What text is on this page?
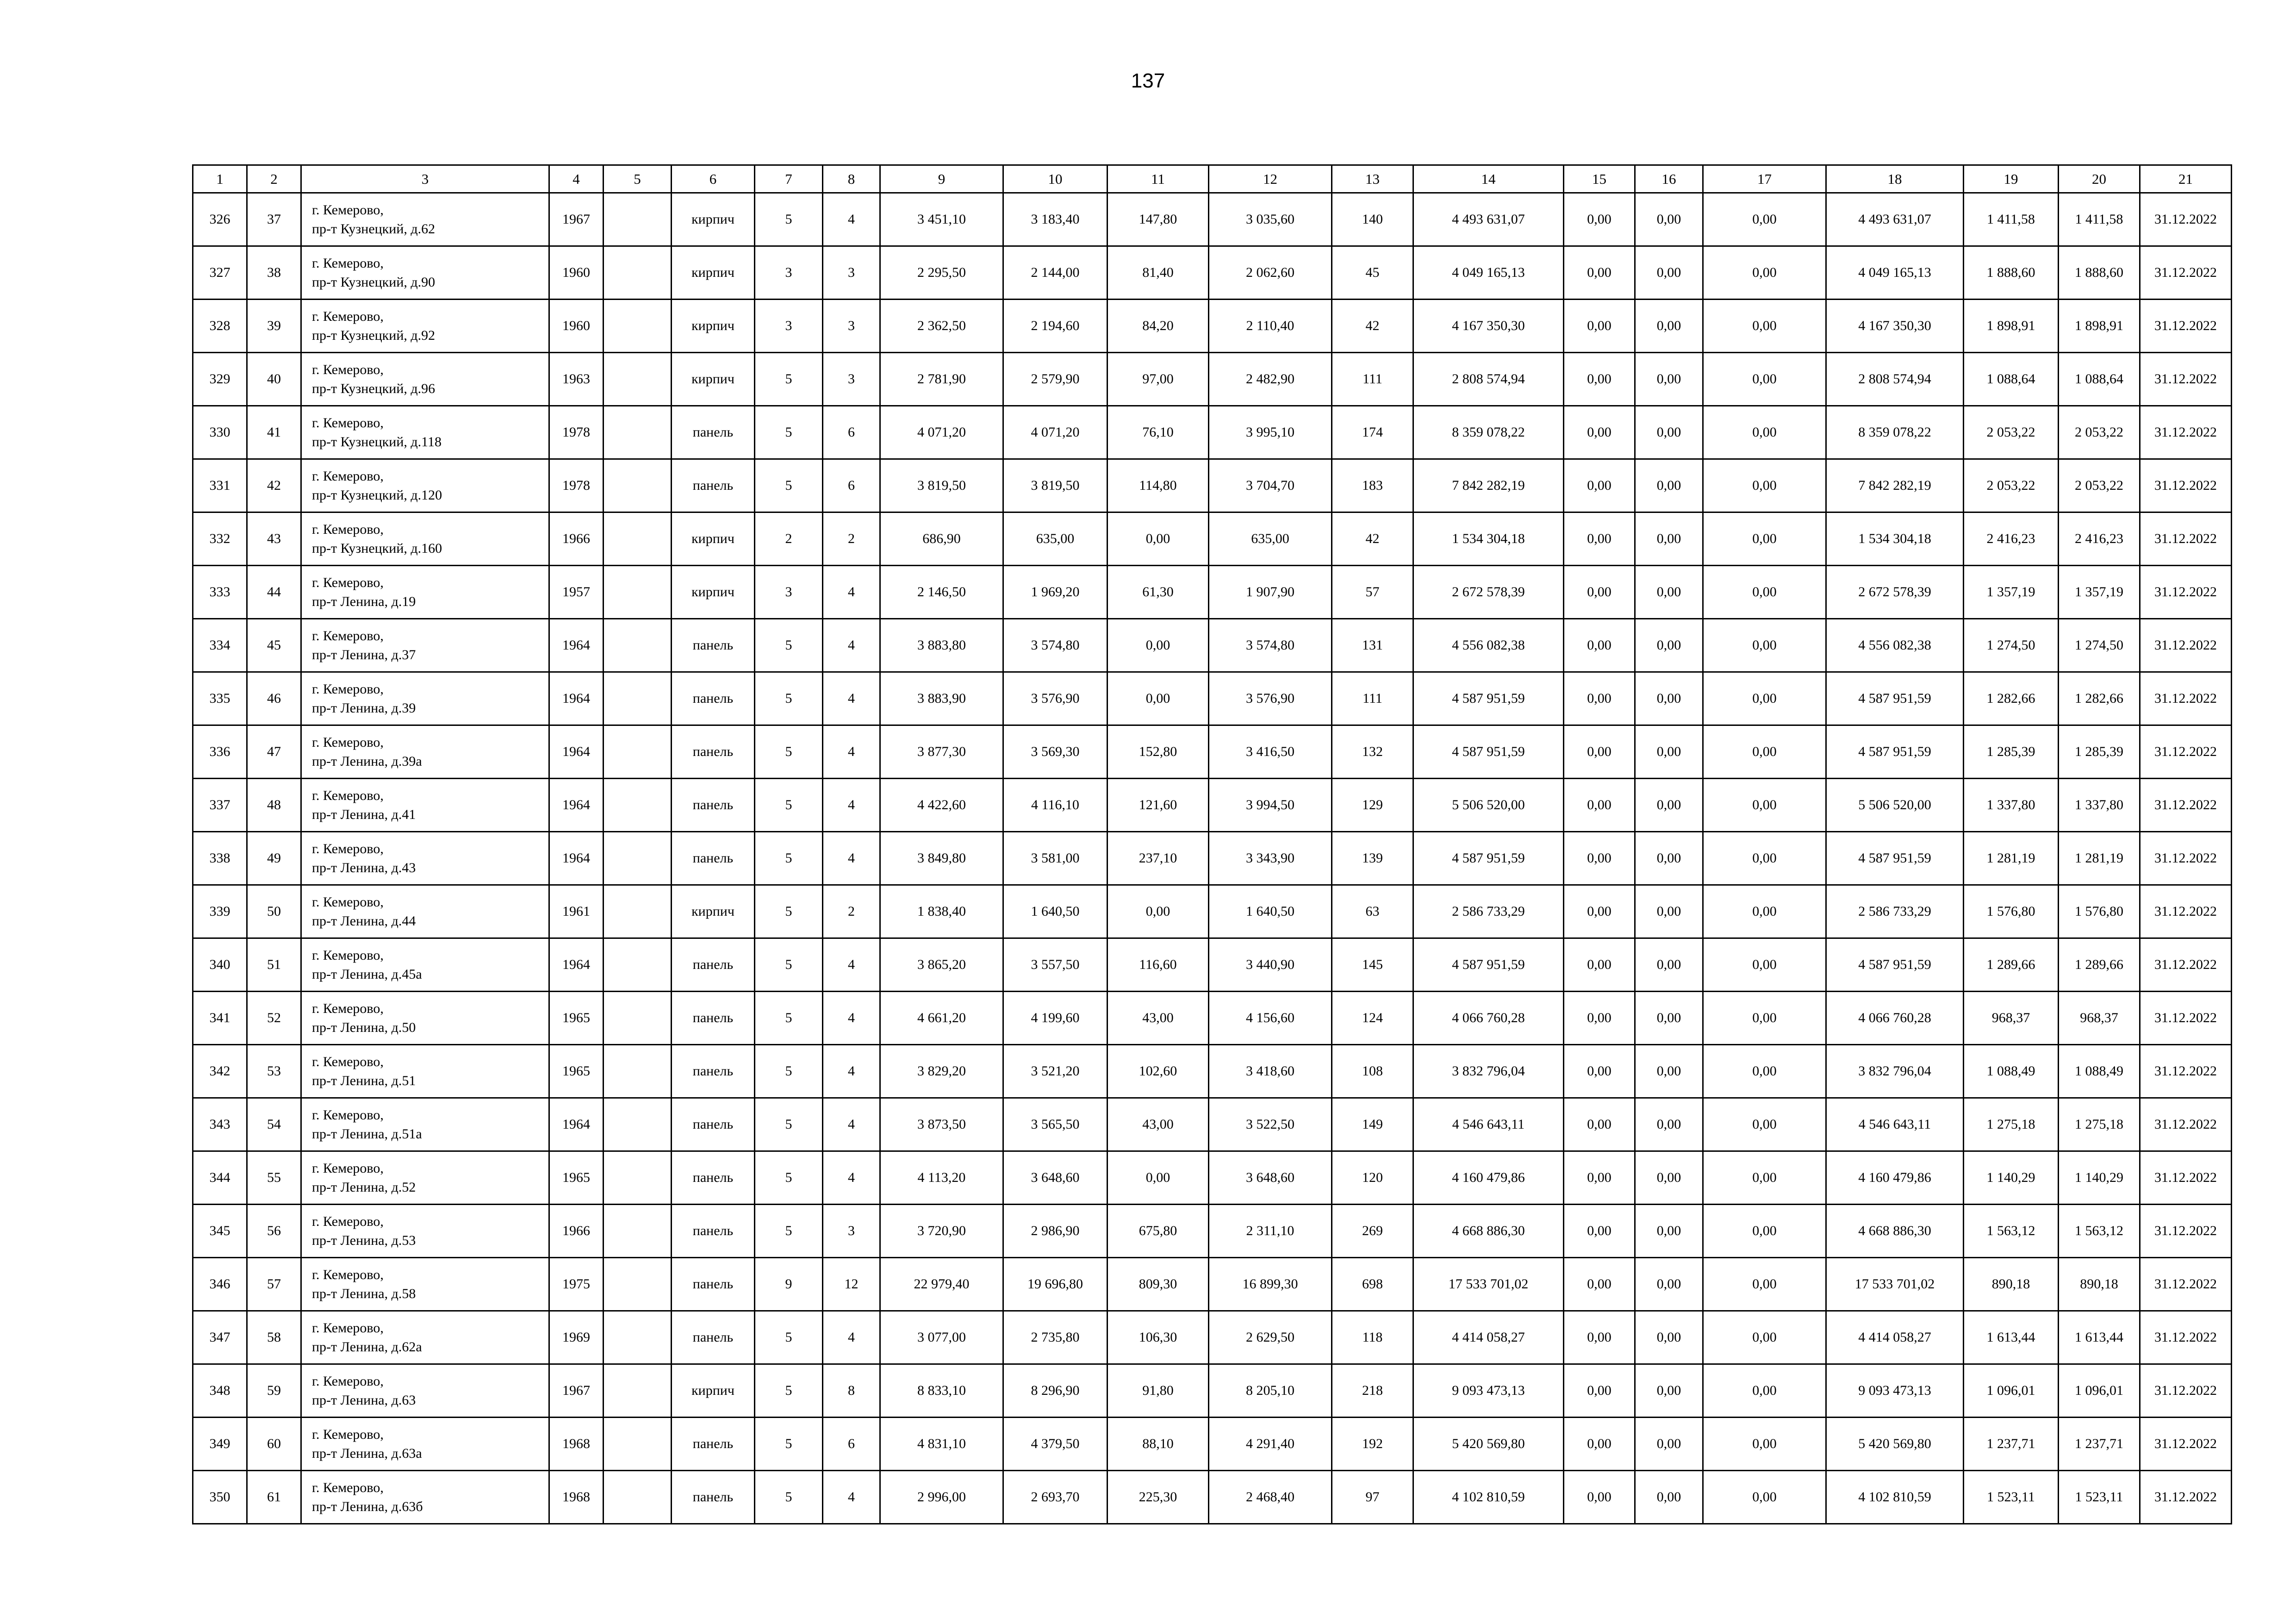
137
1	2	3	4	5	6	7	8	9	10	11	12	13	14	15	16	17	18	19	20	21
326	37	г. Кемерово,
пр-т Кузнецкий, д.62	1967		кирпич	5	4	3 451,10	3 183,40	147,80	3 035,60	140	4 493 631,07	0,00	0,00	0,00	4 493 631,07	1 411,58	1 411,58	31.12.2022
327	38	г. Кемерово,
пр-т Кузнецкий, д.90	1960		кирпич	3	3	2 295,50	2 144,00	81,40	2 062,60	45	4 049 165,13	0,00	0,00	0,00	4 049 165,13	1 888,60	1 888,60	31.12.2022
328	39	г. Кемерово,
пр-т Кузнецкий, д.92	1960		кирпич	3	3	2 362,50	2 194,60	84,20	2 110,40	42	4 167 350,30	0,00	0,00	0,00	4 167 350,30	1 898,91	1 898,91	31.12.2022
329	40	г. Кемерово,
пр-т Кузнецкий, д.96	1963		кирпич	5	3	2 781,90	2 579,90	97,00	2 482,90	111	2 808 574,94	0,00	0,00	0,00	2 808 574,94	1 088,64	1 088,64	31.12.2022
330	41	г. Кемерово,
пр-т Кузнецкий, д.118	1978		панель	5	6	4 071,20	4 071,20	76,10	3 995,10	174	8 359 078,22	0,00	0,00	0,00	8 359 078,22	2 053,22	2 053,22	31.12.2022
331	42	г. Кемерово,
пр-т Кузнецкий, д.120	1978		панель	5	6	3 819,50	3 819,50	114,80	3 704,70	183	7 842 282,19	0,00	0,00	0,00	7 842 282,19	2 053,22	2 053,22	31.12.2022
332	43	г. Кемерово,
пр-т Кузнецкий, д.160	1966		кирпич	2	2	686,90	635,00	0,00	635,00	42	1 534 304,18	0,00	0,00	0,00	1 534 304,18	2 416,23	2 416,23	31.12.2022
333	44	г. Кемерово,
пр-т Ленина, д.19	1957		кирпич	3	4	2 146,50	1 969,20	61,30	1 907,90	57	2 672 578,39	0,00	0,00	0,00	2 672 578,39	1 357,19	1 357,19	31.12.2022
334	45	г. Кемерово,
пр-т Ленина, д.37	1964		панель	5	4	3 883,80	3 574,80	0,00	3 574,80	131	4 556 082,38	0,00	0,00	0,00	4 556 082,38	1 274,50	1 274,50	31.12.2022
335	46	г. Кемерово,
пр-т Ленина, д.39	1964		панель	5	4	3 883,90	3 576,90	0,00	3 576,90	111	4 587 951,59	0,00	0,00	0,00	4 587 951,59	1 282,66	1 282,66	31.12.2022
336	47	г. Кемерово,
пр-т Ленина, д.39а	1964		панель	5	4	3 877,30	3 569,30	152,80	3 416,50	132	4 587 951,59	0,00	0,00	0,00	4 587 951,59	1 285,39	1 285,39	31.12.2022
337	48	г. Кемерово,
пр-т Ленина, д.41	1964		панель	5	4	4 422,60	4 116,10	121,60	3 994,50	129	5 506 520,00	0,00	0,00	0,00	5 506 520,00	1 337,80	1 337,80	31.12.2022
338	49	г. Кемерово,
пр-т Ленина, д.43	1964		панель	5	4	3 849,80	3 581,00	237,10	3 343,90	139	4 587 951,59	0,00	0,00	0,00	4 587 951,59	1 281,19	1 281,19	31.12.2022
339	50	г. Кемерово,
пр-т Ленина, д.44	1961		кирпич	5	2	1 838,40	1 640,50	0,00	1 640,50	63	2 586 733,29	0,00	0,00	0,00	2 586 733,29	1 576,80	1 576,80	31.12.2022
340	51	г. Кемерово,
пр-т Ленина, д.45а	1964		панель	5	4	3 865,20	3 557,50	116,60	3 440,90	145	4 587 951,59	0,00	0,00	0,00	4 587 951,59	1 289,66	1 289,66	31.12.2022
341	52	г. Кемерово,
пр-т Ленина, д.50	1965		панель	5	4	4 661,20	4 199,60	43,00	4 156,60	124	4 066 760,28	0,00	0,00	0,00	4 066 760,28	968,37	968,37	31.12.2022
342	53	г. Кемерово,
пр-т Ленина, д.51	1965		панель	5	4	3 829,20	3 521,20	102,60	3 418,60	108	3 832 796,04	0,00	0,00	0,00	3 832 796,04	1 088,49	1 088,49	31.12.2022
343	54	г. Кемерово,
пр-т Ленина, д.51а	1964		панель	5	4	3 873,50	3 565,50	43,00	3 522,50	149	4 546 643,11	0,00	0,00	0,00	4 546 643,11	1 275,18	1 275,18	31.12.2022
344	55	г. Кемерово,
пр-т Ленина, д.52	1965		панель	5	4	4 113,20	3 648,60	0,00	3 648,60	120	4 160 479,86	0,00	0,00	0,00	4 160 479,86	1 140,29	1 140,29	31.12.2022
345	56	г. Кемерово,
пр-т Ленина, д.53	1966		панель	5	3	3 720,90	2 986,90	675,80	2 311,10	269	4 668 886,30	0,00	0,00	0,00	4 668 886,30	1 563,12	1 563,12	31.12.2022
346	57	г. Кемерово,
пр-т Ленина, д.58	1975		панель	9	12	22 979,40	19 696,80	809,30	16 899,30	698	17 533 701,02	0,00	0,00	0,00	17 533 701,02	890,18	890,18	31.12.2022
347	58	г. Кемерово,
пр-т Ленина, д.62а	1969		панель	5	4	3 077,00	2 735,80	106,30	2 629,50	118	4 414 058,27	0,00	0,00	0,00	4 414 058,27	1 613,44	1 613,44	31.12.2022
348	59	г. Кемерово,
пр-т Ленина, д.63	1967		кирпич	5	8	8 833,10	8 296,90	91,80	8 205,10	218	9 093 473,13	0,00	0,00	0,00	9 093 473,13	1 096,01	1 096,01	31.12.2022
349	60	г. Кемерово,
пр-т Ленина, д.63а	1968		панель	5	6	4 831,10	4 379,50	88,10	4 291,40	192	5 420 569,80	0,00	0,00	0,00	5 420 569,80	1 237,71	1 237,71	31.12.2022
350	61	г. Кемерово,
пр-т Ленина, д.63б	1968		панель	5	4	2 996,00	2 693,70	225,30	2 468,40	97	4 102 810,59	0,00	0,00	0,00	4 102 810,59	1 523,11	1 523,11	31.12.2022
